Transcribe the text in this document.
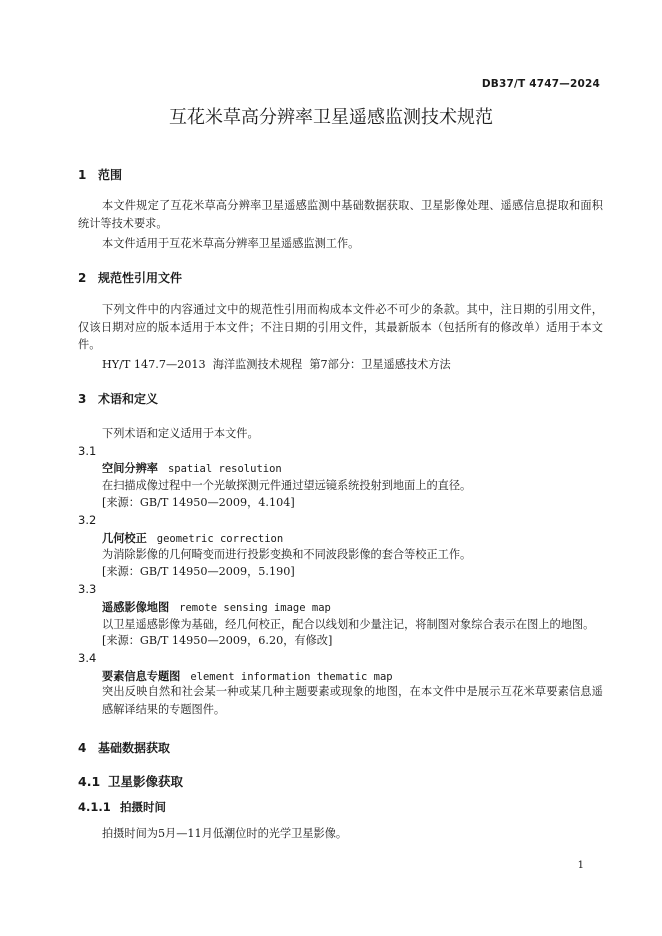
DB37/T 4747—2024
互花米草高分辨率卫星遥感监测技术规范
1 范围
本文件规定了互花米草高分辨率卫星遥感监测中基础数据获取、卫星影像处理、遥感信息提取和面积统计等技术要求。
本文件适用于互花米草高分辨率卫星遥感监测工作。
2 规范性引用文件
下列文件中的内容通过文中的规范性引用而构成本文件必不可少的条款。其中，注日期的引用文件，仅该日期对应的版本适用于本文件；不注日期的引用文件，其最新版本（包括所有的修改单）适用于本文件。
HY/T 147.7—2013  海洋监测技术规程  第7部分：卫星遥感技术方法
3 术语和定义
下列术语和定义适用于本文件。
3.1
空间分辨率 spatial resolution
在扫描成像过程中一个光敏探测元件通过望远镜系统投射到地面上的直径。
[来源：GB/T 14950—2009，4.104]
3.2
几何校正 geometric correction
为消除影像的几何畸变而进行投影变换和不同波段影像的套合等校正工作。
[来源：GB/T 14950—2009，5.190]
3.3
遥感影像地图 remote sensing image map
以卫星遥感影像为基础，经几何校正，配合以线划和少量注记，将制图对象综合表示在图上的地图。
[来源：GB/T 14950—2009，6.20，有修改]
3.4
要素信息专题图 element information thematic map
突出反映自然和社会某一种或某几种主题要素或现象的地图，在本文件中是展示互花米草要素信息遥感解译结果的专题图件。
4 基础数据获取
4.1 卫星影像获取
4.1.1 拍摄时间
拍摄时间为5月—11月低潮位时的光学卫星影像。
1
